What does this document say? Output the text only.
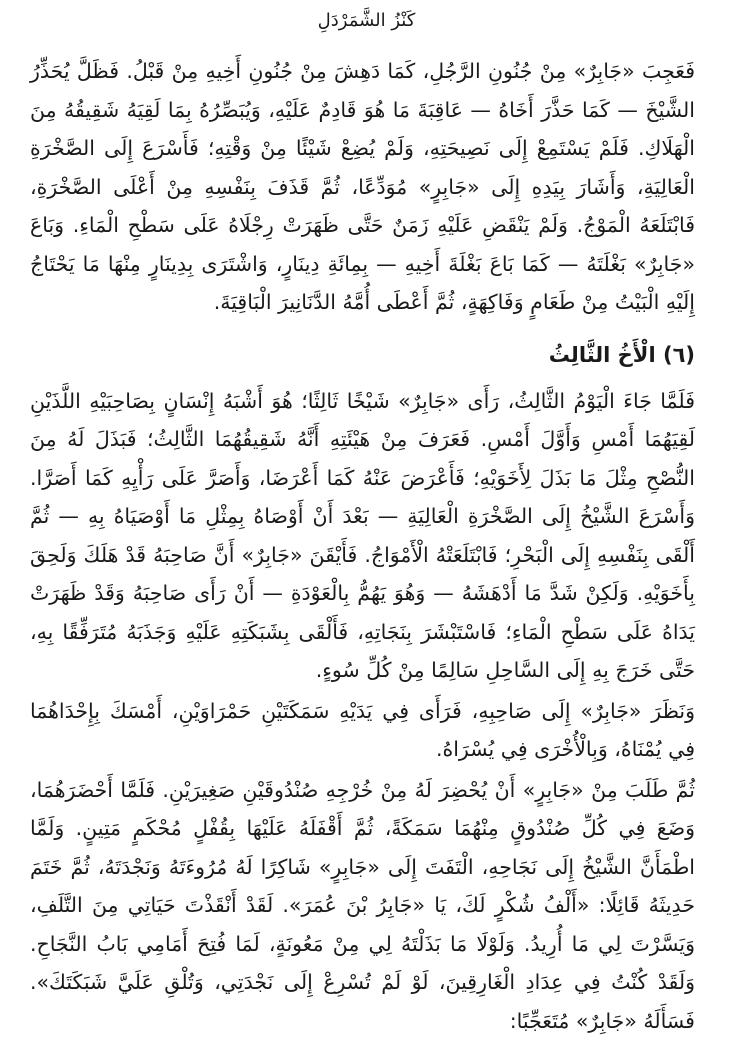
كَنْزُ الشَّمَرْدَلِ

فَعَجِبَ «جَابِرٌ» مِنْ جُنُونِ الرَّجُلِ، كَمَا دَهِشَ مِنْ جُنُونِ أَخِيهِ مِنْ قَبْلُ. فَظَلَّ يُحَذِّرُ الشَّيْخَ — كَمَا حَذَّرَ أَخَاهُ — عَاقِبَةَ مَا هُوَ قَادِمٌ عَلَيْهِ، وَيُبَصِّرُهُ بِمَا لَقِيَهُ شَقِيقُهُ مِنَ الْهَلَاكِ. فَلَمْ يَسْتَمِعْ إِلَى نَصِيحَتِهِ، وَلَمْ يُضِعْ شَيْئًا مِنْ وَقْتِهِ؛ فَأَسْرَعَ إِلَى الصَّخْرَةِ الْعَالِيَةِ، وَأَشَارَ بِيَدِهِ إِلَى «جَابِرٍ» مُوَدِّعًا، ثُمَّ قَذَفَ بِنَفْسِهِ مِنْ أَعْلَى الصَّخْرَةِ، فَابْتَلَعَهُ الْمَوْجُ. وَلَمْ يَنْقَضِ عَلَيْهِ زَمَنٌ حَتَّى ظَهَرَتْ رِجْلَاهُ عَلَى سَطْحِ الْمَاءِ. وَبَاعَ «جَابِرٌ» بَغْلَتَهُ — كَمَا بَاعَ بَغْلَةَ أَخِيهِ — بِمِائَةِ دِينَارٍ، وَاشْتَرَى بِدِينَارٍ مِنْهَا مَا يَحْتَاجُ إِلَيْهِ الْبَيْتُ مِنْ طَعَامٍ وَفَاكِهَةٍ، ثُمَّ أَعْطَى أُمَّهُ الدَّنَانِيرَ الْبَاقِيَةَ.

(٦) الْأَخُ الثَّالِثُ

فَلَمَّا جَاءَ الْيَوْمُ الثَّالِثُ، رَأَى «جَابِرٌ» شَيْخًا ثَالِثًا؛ هُوَ أَشْبَهُ إِنْسَانٍ بِصَاحِبَيْهِ اللَّذَيْنِ لَقِيَهُمَا أَمْسِ وَأَوَّلَ أَمْسِ. فَعَرَفَ مِنْ هَيْئَتِهِ أَنَّهُ شَقِيقُهُمَا الثَّالِثُ؛ فَبَذَلَ لَهُ مِنَ النُّصْحِ مِثْلَ مَا بَذَلَ لِأَخَوَيْهِ؛ فَأَعْرَضَ عَنْهُ كَمَا أَعْرَضَا، وَأَصَرَّ عَلَى رَأْيِهِ كَمَا أَصَرَّا. وَأَسْرَعَ الشَّيْخُ إِلَى الصَّخْرَةِ الْعَالِيَةِ — بَعْدَ أَنْ أَوْصَاهُ بِمِثْلِ مَا أَوْصَيَاهُ بِهِ — ثُمَّ أَلْقَى بِنَفْسِهِ إِلَى الْبَحْرِ؛ فَابْتَلَعَتْهُ الْأَمْوَاجُ. فَأَيْقَنَ «جَابِرٌ» أَنَّ صَاحِبَهُ قَدْ هَلَكَ وَلَحِقَ بِأَخَوَيْهِ. وَلَكِنْ شَدَّ مَا أَدْهَشَهُ — وَهُوَ يَهُمُّ بِالْعَوْدَةِ — أَنْ رَأَى صَاحِبَهُ وَقَدْ ظَهَرَتْ يَدَاهُ عَلَى سَطْحِ الْمَاءِ؛ فَاسْتَبْشَرَ بِنَجَاتِهِ، فَأَلْقَى بِشَبَكَتِهِ عَلَيْهِ وَجَذَبَهُ مُتَرَفِّقًا بِهِ، حَتَّى خَرَجَ بِهِ إِلَى السَّاحِلِ سَالِمًا مِنْ كُلِّ سُوءٍ.

وَنَظَرَ «جَابِرٌ» إِلَى صَاحِبِهِ، فَرَأَى فِي يَدَيْهِ سَمَكَتَيْنِ حَمْرَاوَيْنِ، أَمْسَكَ بِإِحْدَاهُمَا فِي يُمْنَاهُ، وَبِالْأُخْرَى فِي يُسْرَاهُ.

ثُمَّ طَلَبَ مِنْ «جَابِرٍ» أَنْ يُحْضِرَ لَهُ مِنْ خُرْجِهِ صُنْدُوقَيْنِ صَغِيرَيْنِ. فَلَمَّا أَحْضَرَهُمَا، وَضَعَ فِي كُلِّ صُنْدُوقٍ مِنْهُمَا سَمَكَةً، ثُمَّ أَقْفَلَهُ عَلَيْهَا بِقُفْلٍ مُحْكَمٍ مَتِينٍ. وَلَمَّا اطْمَأَنَّ الشَّيْخُ إِلَى نَجَاحِهِ، الْتَفَتَ إِلَى «جَابِرٍ» شَاكِرًا لَهُ مُرُوءَتَهُ وَنَجْدَتَهُ، ثُمَّ خَتَمَ حَدِيثَهُ قَائِلًا: «أَلْفُ شُكْرٍ لَكَ، يَا «جَابِرُ بْنَ عُمَرَ». لَقَدْ أَنْقَذْتَ حَيَاتِي مِنَ التَّلَفِ، وَيَسَّرْتَ لِي مَا أُرِيدُ. وَلَوْلَا مَا بَذَلْتَهُ لِي مِنْ مَعُونَةٍ، لَمَا فُتِحَ أَمَامِي بَابُ النَّجَاحِ. وَلَقَدْ كُنْتُ فِي عِدَادِ الْغَارِقِينَ، لَوْ لَمْ تُسْرِعْ إِلَى نَجْدَتِي، وَتُلْقِ عَلَيَّ شَبَكَتَكَ». فَسَأَلَهُ «جَابِرٌ» مُتَعَجِّبًا:
